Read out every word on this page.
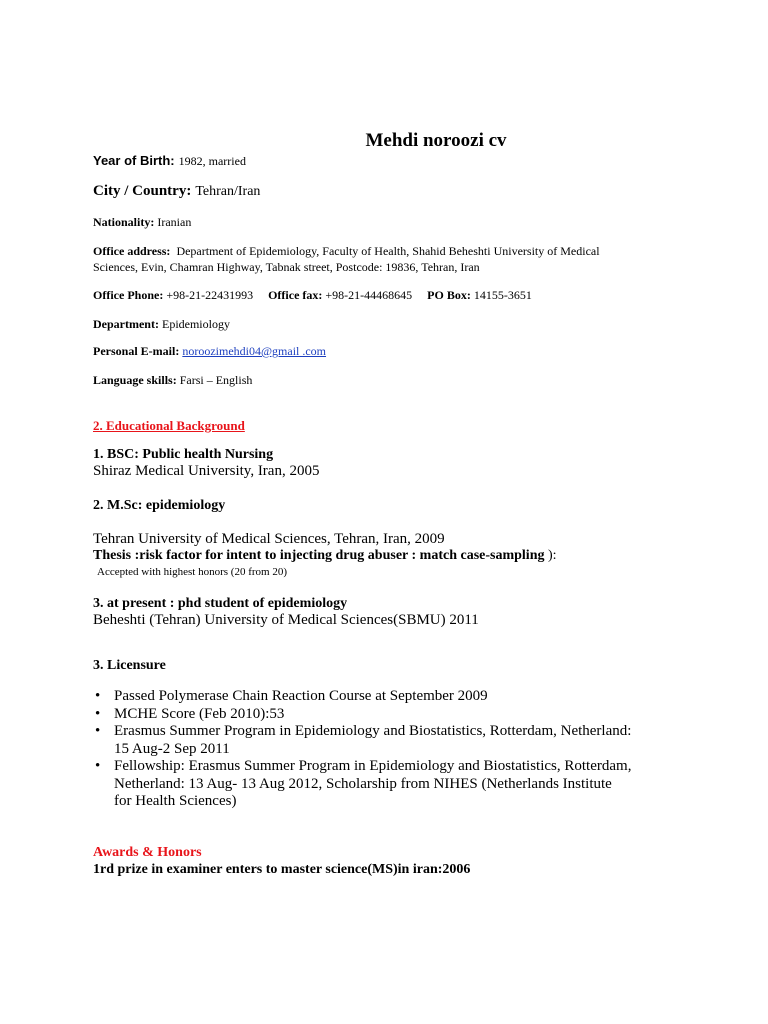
Mehdi noroozi cv
Year of Birth: 1982, married
City / Country: Tehran/Iran
Nationality: Iranian
Office address: Department of Epidemiology, Faculty of Health, Shahid Beheshti University of Medical
Sciences, Evin, Chamran Highway, Tabnak street, Postcode: 19836, Tehran, Iran
Office Phone: +98-21-22431993 Office fax: +98-21-44468645 PO Box: 14155-3651
Department: Epidemiology
Personal E-mail: noroozimehdi04@gmail .com
Language skills: Farsi – English
2. Educational Background
1. BSC: Public health Nursing
Shiraz Medical University, Iran, 2005
2. M.Sc: epidemiology
Tehran University of Medical Sciences, Tehran, Iran, 2009
Thesis :risk factor for intent to injecting drug abuser : match case-sampling ):
Accepted with highest honors (20 from 20)
3. at present : phd student of epidemiology
Beheshti (Tehran) University of Medical Sciences(SBMU) 2011
3. Licensure
• Passed Polymerase Chain Reaction Course at September 2009
• MCHE Score (Feb 2010):53
• Erasmus Summer Program in Epidemiology and Biostatistics, Rotterdam, Netherland:
15 Aug-2 Sep 2011
• Fellowship: Erasmus Summer Program in Epidemiology and Biostatistics, Rotterdam,
Netherland: 13 Aug- 13 Aug 2012, Scholarship from NIHES (Netherlands Institute
for Health Sciences)
Awards & Honors
1rd prize in examiner enters to master science(MS)in iran:2006
